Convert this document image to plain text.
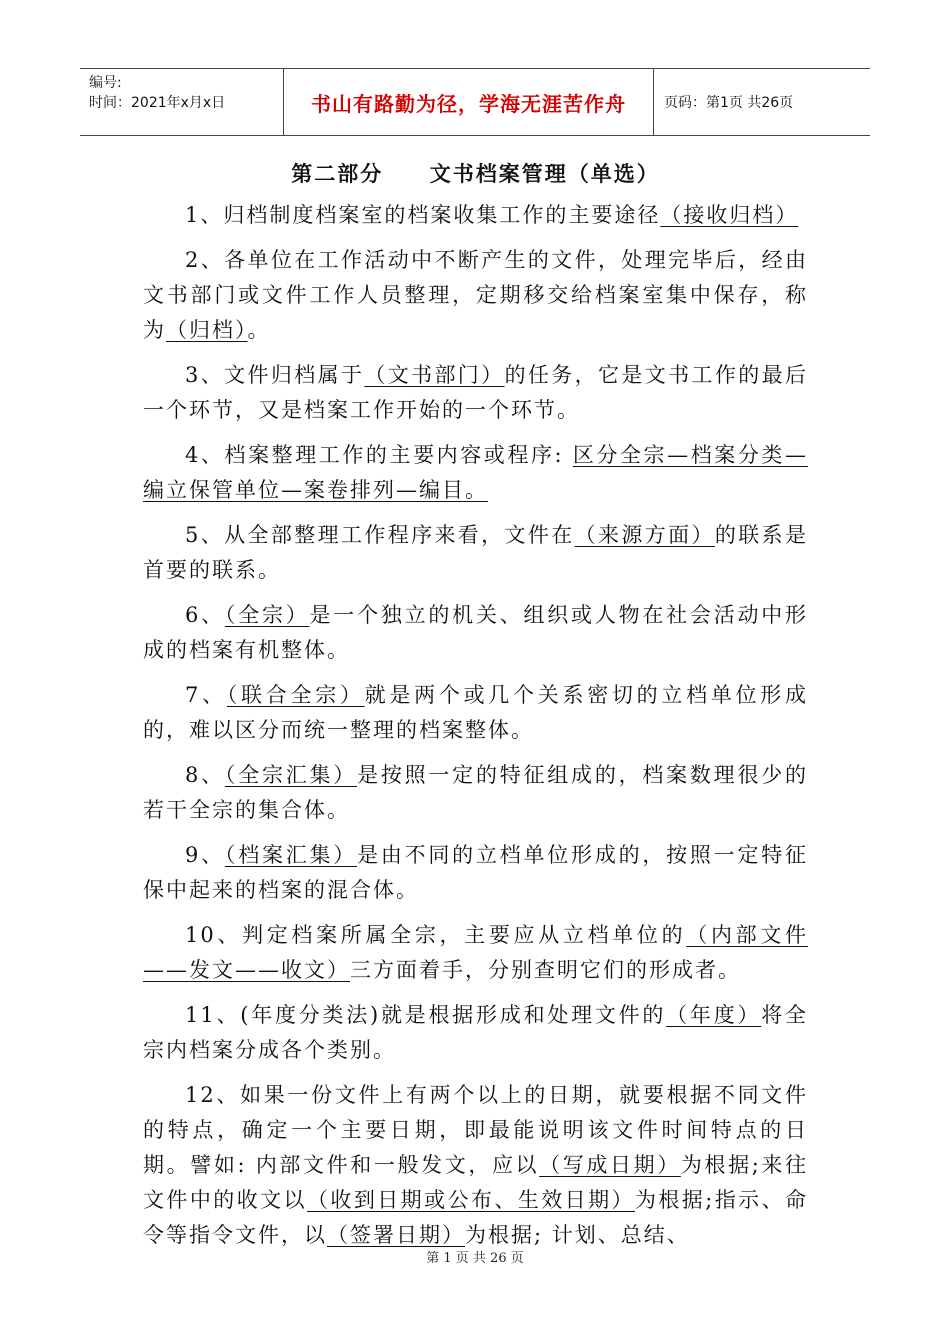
编号:
时间：2021年x月x日	书山有路勤为径，学海无涯苦作舟	页码：第1页 共26页
第二部分     文书档案管理（单选）

1、归档制度档案室的档案收集工作的主要途径（接收归档）

2、各单位在工作活动中不断产生的文件，处理完毕后，经由文书部门或文件工作人员整理，定期移交给档案室集中保存，称为（归档）。

3、文件归档属于（文书部门）的任务，它是文书工作的最后一个环节，又是档案工作开始的一个环节。

4、档案整理工作的主要内容或程序: 区分全宗—档案分类—编立保管单位—案卷排列—编目。

5、从全部整理工作程序来看，文件在（来源方面）的联系是首要的联系。

6、（全宗）是一个独立的机关、组织或人物在社会活动中形成的档案有机整体。

7、（联合全宗）就是两个或几个关系密切的立档单位形成的，难以区分而统一整理的档案整体。

8、（全宗汇集）是按照一定的特征组成的，档案数理很少的若干全宗的集合体。

9、（档案汇集）是由不同的立档单位形成的，按照一定特征保中起来的档案的混合体。

10、判定档案所属全宗，主要应从立档单位的（内部文件——发文——收文）三方面着手，分别查明它们的形成者。

11、(年度分类法)就是根据形成和处理文件的（年度）将全宗内档案分成各个类别。

12、如果一份文件上有两个以上的日期，就要根据不同文件的特点，确定一个主要日期，即最能说明该文件时间特点的日期。譬如: 内部文件和一般发文，应以（写成日期）为根据;来往文件中的收文以（收到日期或公布、生效日期）为根据;指示、命令等指令文件，以（签署日期）为根据; 计划、总结、

第 1 页 共 26 页
